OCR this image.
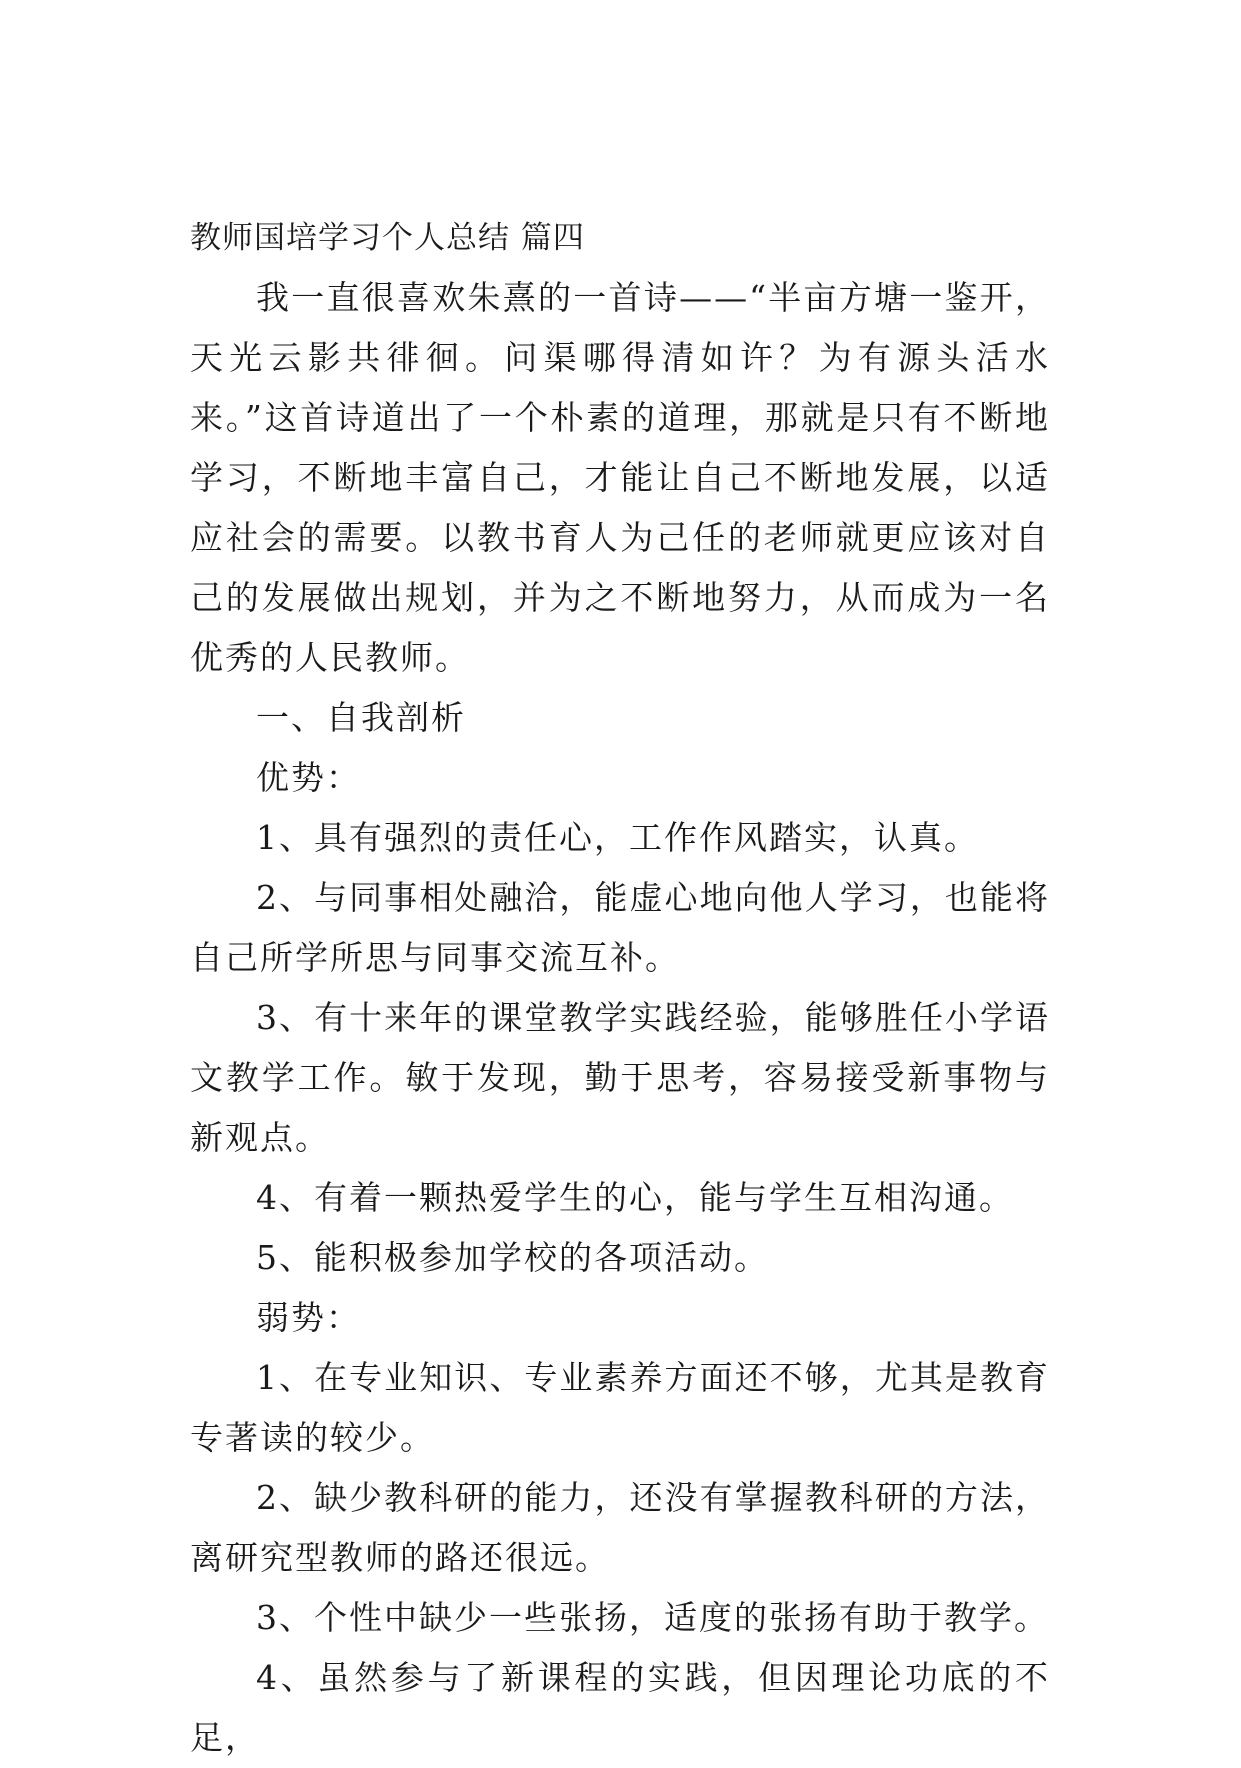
教师国培学习个人总结 篇四

我一直很喜欢朱熹的一首诗——“半亩方塘一鉴开，天光云影共徘徊。问渠哪得清如许？为有源头活水来。”这首诗道出了一个朴素的道理，那就是只有不断地学习，不断地丰富自己，才能让自己不断地发展，以适应社会的需要。以教书育人为己任的老师就更应该对自己的发展做出规划，并为之不断地努力，从而成为一名优秀的人民教师。

一、自我剖析

优势：

1、具有强烈的责任心，工作作风踏实，认真。

2、与同事相处融洽，能虚心地向他人学习，也能将自己所学所思与同事交流互补。

3、有十来年的课堂教学实践经验，能够胜任小学语文教学工作。敏于发现，勤于思考，容易接受新事物与新观点。

4、有着一颗热爱学生的心，能与学生互相沟通。

5、能积极参加学校的各项活动。

弱势：

1、在专业知识、专业素养方面还不够，尤其是教育专著读的较少。

2、缺少教科研的能力，还没有掌握教科研的方法，离研究型教师的路还很远。

3、个性中缺少一些张扬，适度的张扬有助于教学。

4、虽然参与了新课程的实践，但因理论功底的不足，
